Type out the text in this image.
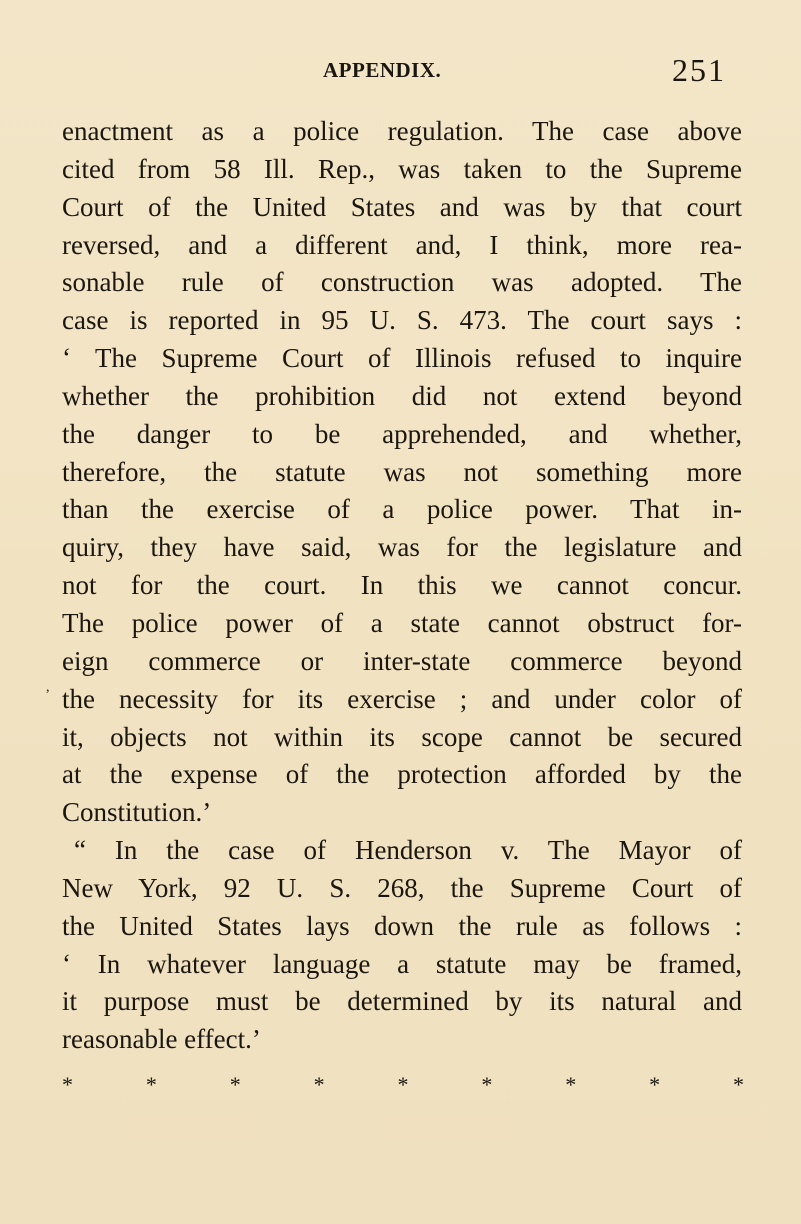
APPENDIX.	251
enactment as a police regulation. The case above
cited from 58 Ill. Rep., was taken to the Supreme
Court of the United States and was by that court
reversed, and a different and, I think, more rea-
sonable rule of construction was adopted. The
case is reported in 95 U. S. 473. The court says :
‘ The Supreme Court of Illinois refused to inquire
whether the prohibition did not extend beyond
the danger to be apprehended, and whether,
therefore, the statute was not something more
than the exercise of a police power. That in-
quiry, they have said, was for the legislature and
not for the court. In this we cannot concur.
The police power of a state cannot obstruct for-
eign commerce or inter-state commerce beyond
the necessity for its exercise ; and under color of
it, objects not within its scope cannot be secured
at the expense of the protection afforded by the
Constitution.’
“ In the case of Henderson v. The Mayor of
New York, 92 U. S. 268, the Supreme Court of
the United States lays down the rule as follows :
‘ In whatever language a statute may be framed,
it purpose must be determined by its natural and
reasonable effect.’
,
*	*	*	*	*	*	*	*	*
